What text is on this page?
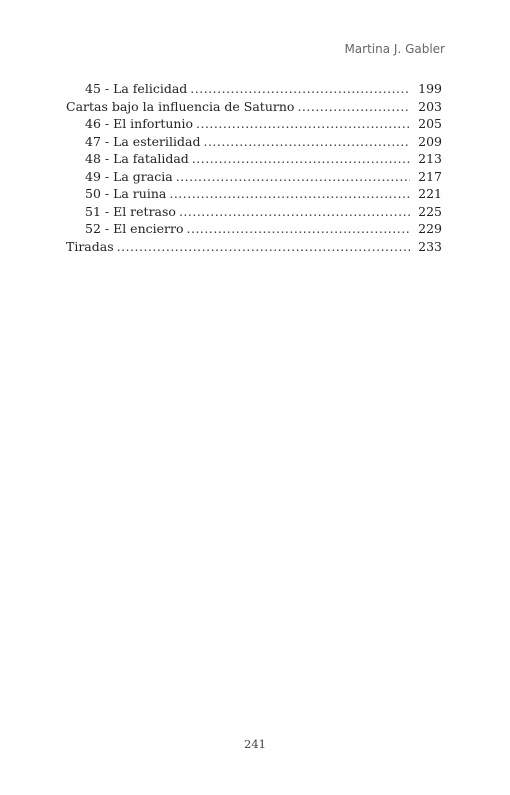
Martina J. Gabler
45 - La felicidad .....	199
Cartas bajo la influencia de Saturno .....	203
46 - El infortunio .....	205
47 - La esterilidad .....	209
48 - La fatalidad .....	213
49 - La gracia .....	217
50 - La ruina .....	221
51 - El retraso .....	225
52 - El encierro .....	229
Tiradas .....	233
241
